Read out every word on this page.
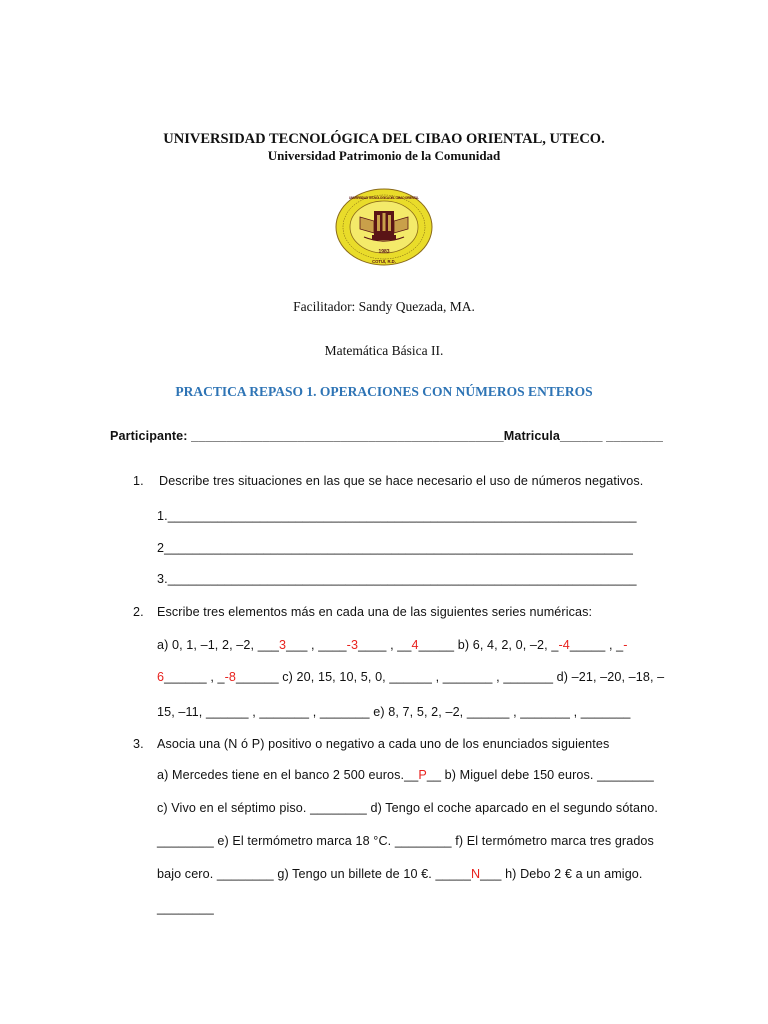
UNIVERSIDAD TECNOLÓGICA DEL CIBAO ORIENTAL, UTECO.
Universidad Patrimonio de la Comunidad
1983
COTUÍ, R.D.
UNIVERSIDAD TECNOLÓGICA DEL CIBAO ORIENTAL
Facilitador: Sandy Quezada, MA.
Matemática Básica II.
PRACTICA REPASO 1. OPERACIONES CON NÚMEROS ENTEROS
Participante: ____________________________________________Matricula______ ________
1. Describe tres situaciones en las que se hace necesario el uso de números negativos.
1.__________________________________________________________________
2__________________________________________________________________
3.__________________________________________________________________
2. Escribe tres elementos más en cada una de las siguientes series numéricas:
a) 0, 1, –1, 2, –2, ___3___ , ____-3____ , __4_____ b) 6, 4, 2, 0, –2, _-4_____ , _-
6______ , _-8______ c) 20, 15, 10, 5, 0, ______ , _______ , _______ d) –21, –20, –18, –
15, –11, ______ , _______ , _______ e) 8, 7, 5, 2, –2, ______ , _______ , _______
3. Asocia una (N ó P) positivo o negativo a cada uno de los enunciados siguientes
a) Mercedes tiene en el banco 2 500 euros.__P__ b) Miguel debe 150 euros. ________
c) Vivo en el séptimo piso. ________ d) Tengo el coche aparcado en el segundo sótano.
________ e) El termómetro marca 18 °C. ________ f) El termómetro marca tres grados
bajo cero. ________ g) Tengo un billete de 10 €. _____N___ h) Debo 2 € a un amigo.
________
